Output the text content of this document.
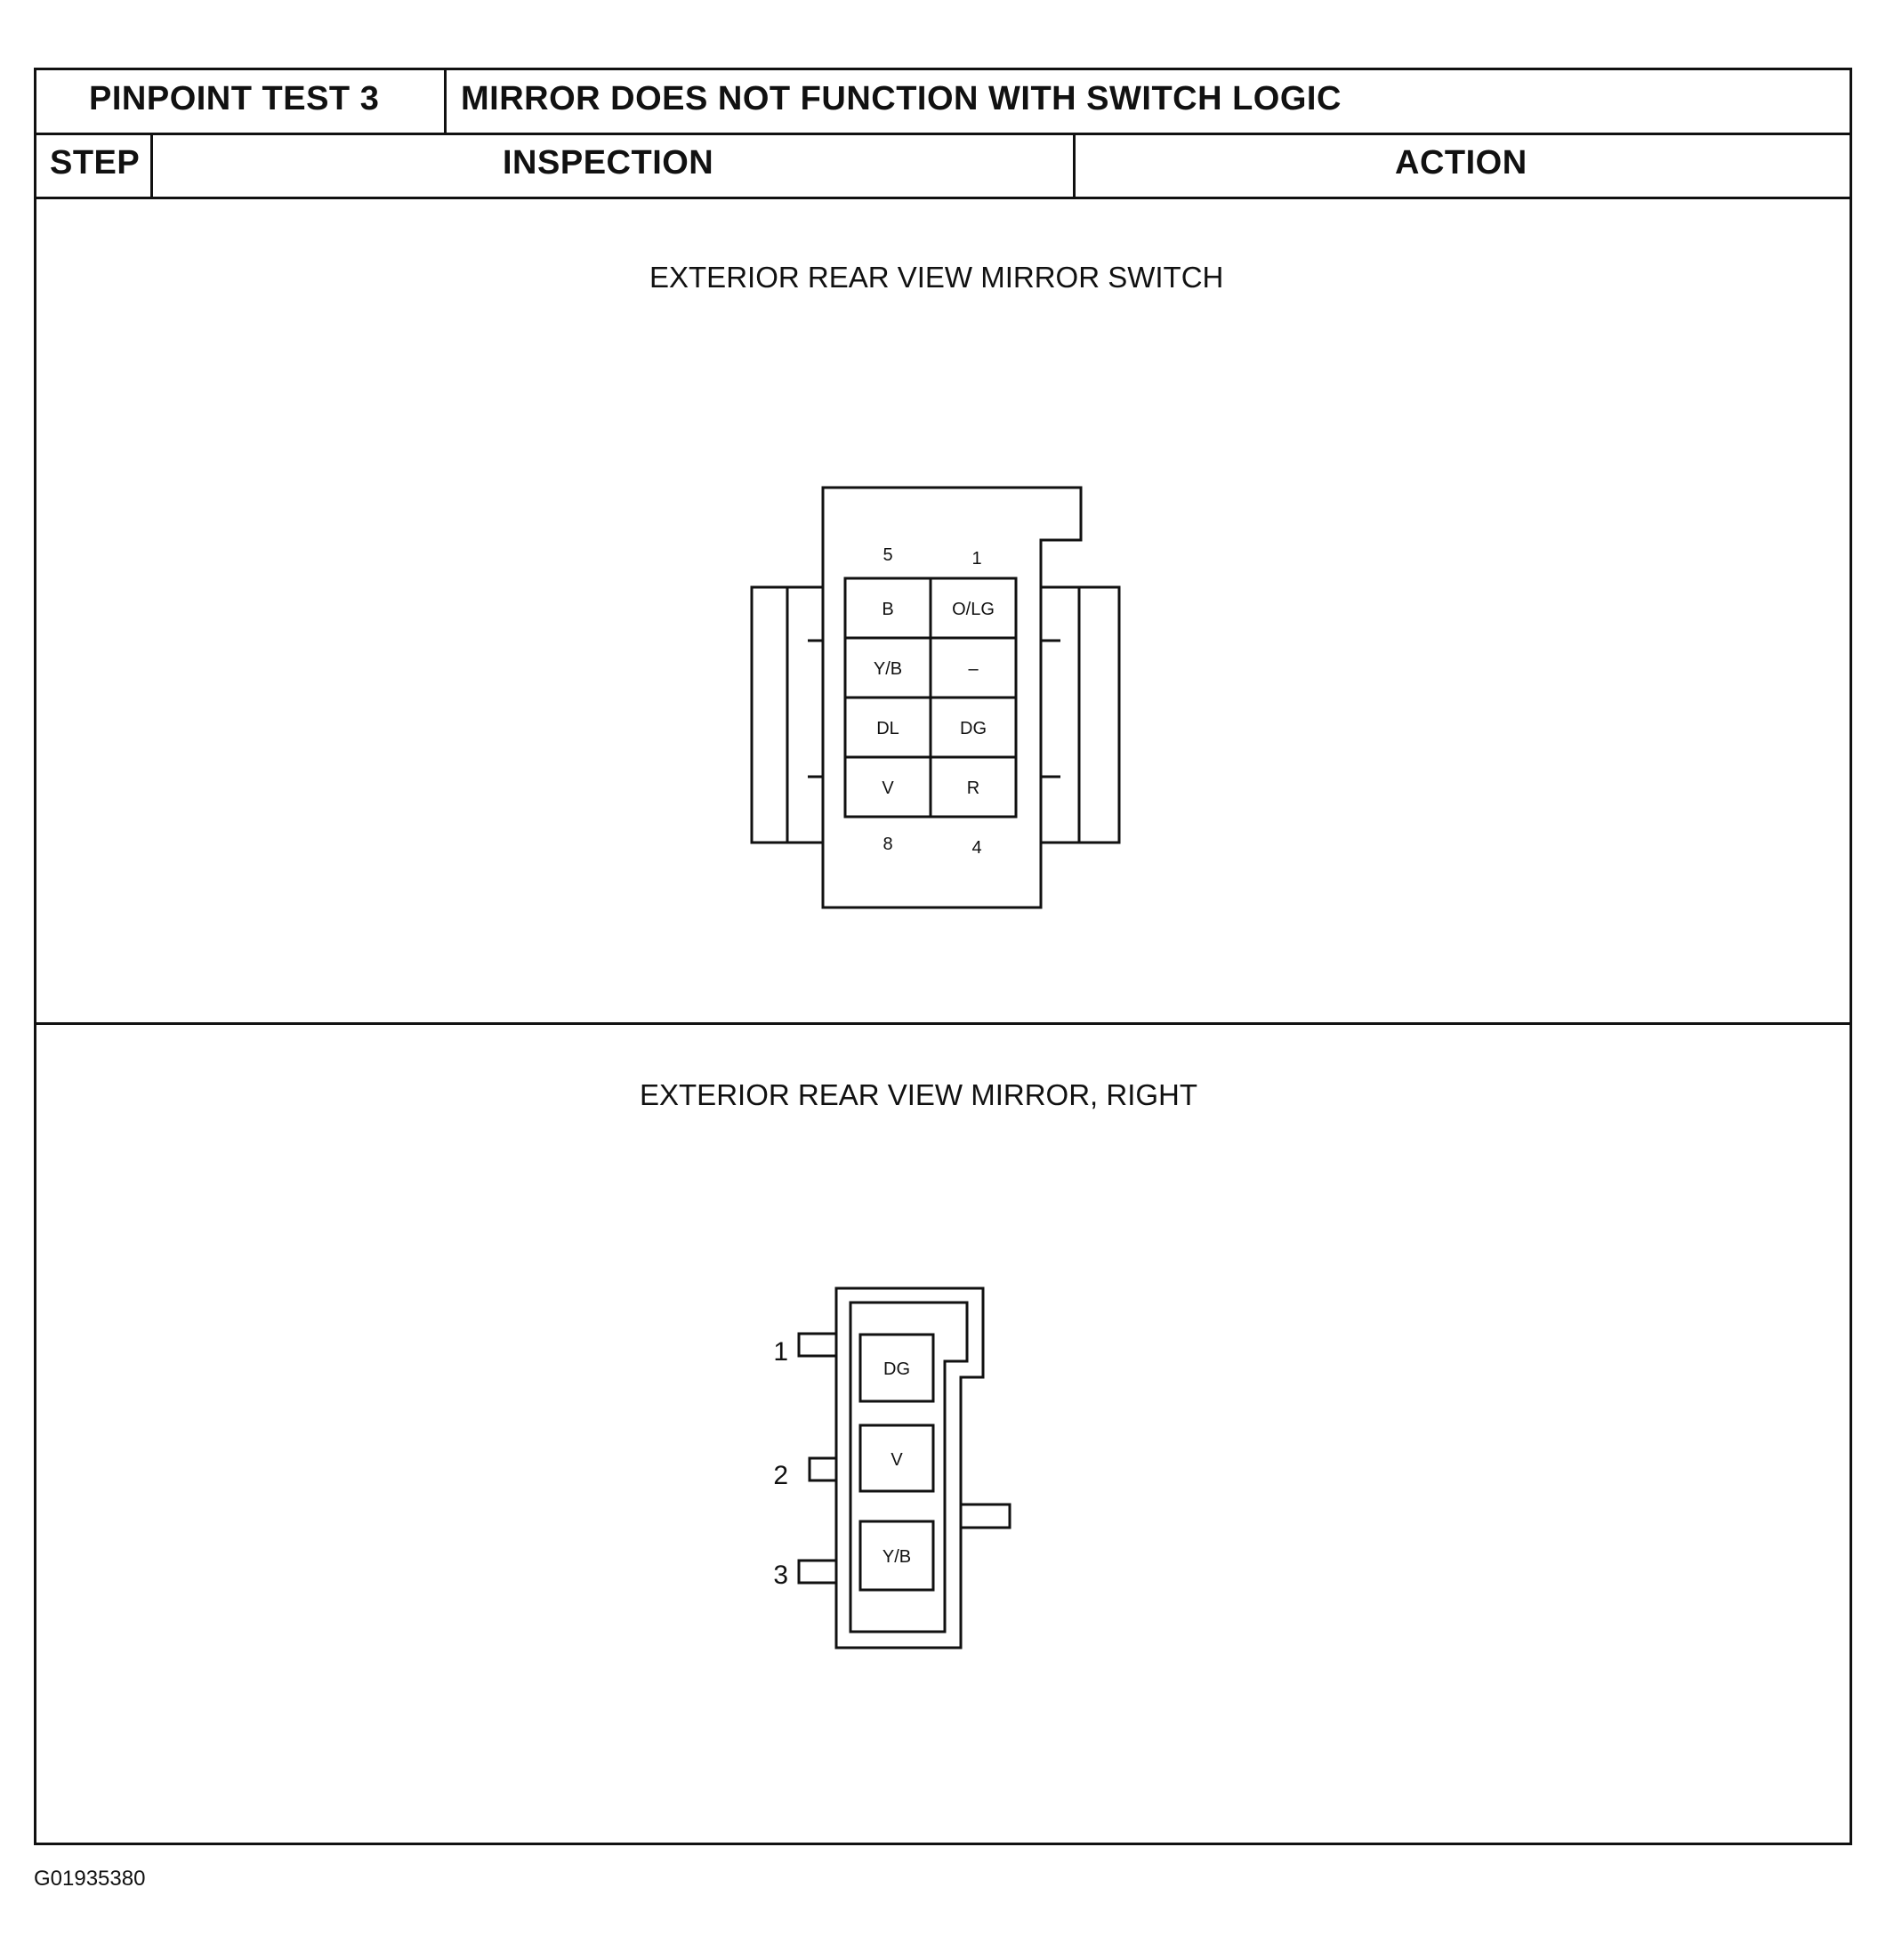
PINPOINT TEST 3 MIRROR DOES NOT FUNCTION WITH SWITCH LOGIC
STEP	INSPECTION	ACTION
EXTERIOR REAR VIEW MIRROR SWITCH
EXTERIOR REAR VIEW MIRROR, RIGHT
5	1
8	4
B	O/LG
Y/B	–
DL	DG
V	R
1
2
3
DG
V
Y/B
G01935380
